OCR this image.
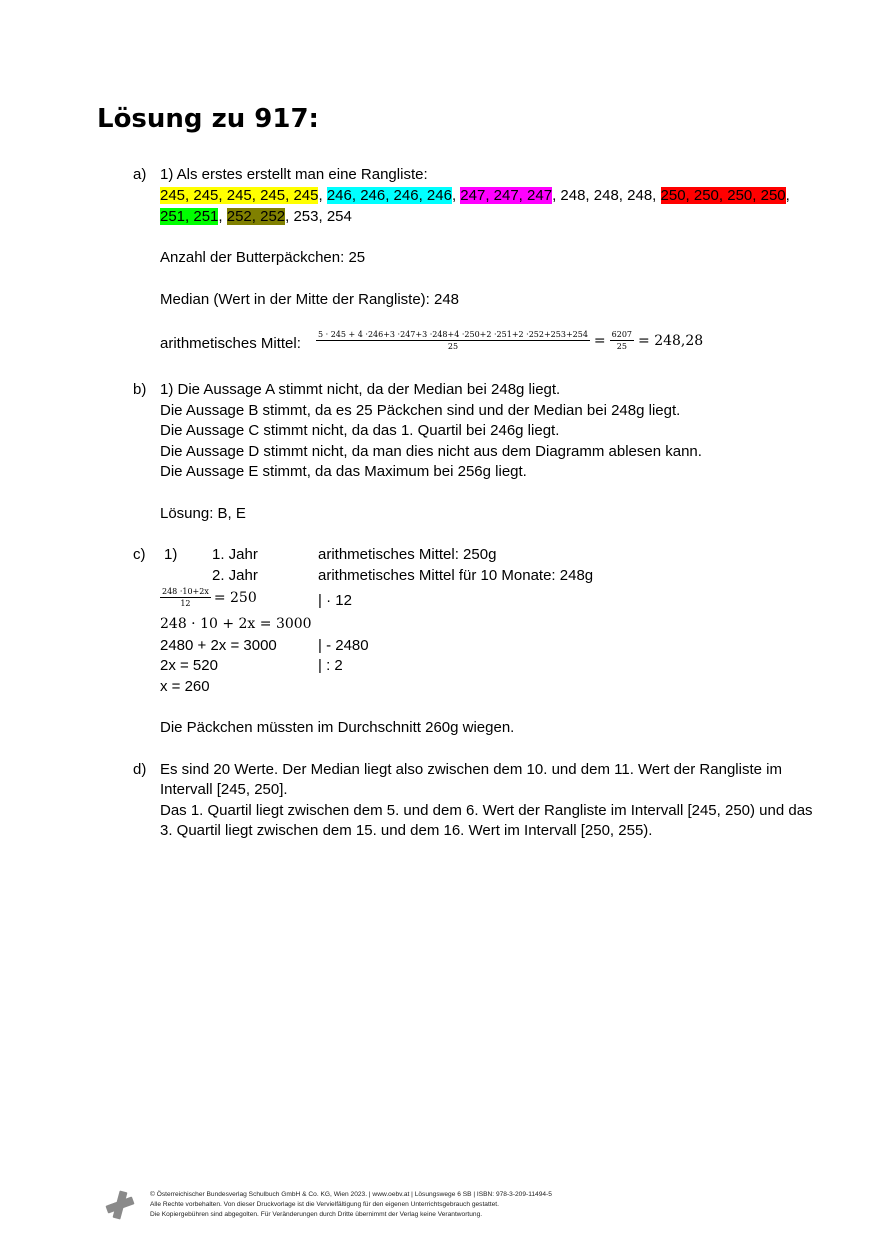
Lösung zu 917:
a) 1) Als erstes erstellt man eine Rangliste:
245, 245, 245, 245, 245, 246, 246, 246, 246, 247, 247, 247, 248, 248, 248, 250, 250, 250, 250,
251, 251, 252, 252, 253, 254
Anzahl der Butterpäckchen: 25
Median (Wert in der Mitte der Rangliste): 248
arithmetisches Mittel: $\frac{5 \cdot 245 + 4 \cdot 246+3 \cdot 247+3 \cdot 248+4 \cdot 250+2 \cdot 251+2 \cdot 252+253+254}{25} = \frac{6207}{25} = 248,28$
b) 1) Die Aussage A stimmt nicht, da der Median bei 248g liegt.
Die Aussage B stimmt, da es 25 Päckchen sind und der Median bei 248g liegt.
Die Aussage C stimmt nicht, da das 1. Quartil bei 246g liegt.
Die Aussage D stimmt nicht, da man dies nicht aus dem Diagramm ablesen kann.
Die Aussage E stimmt, da das Maximum bei 256g liegt.
Lösung: B, E
c) 1) 1. Jahr	arithmetisches Mittel: 250g
2. Jahr	arithmetisches Mittel für 10 Monate: 248g
$\frac{248 \cdot 10+2x}{12} = 250$	| · 12
248 · 10 + 2x = 3000
2480 + 2x = 3000	| - 2480
2x = 520	| : 2
x = 260
Die Päckchen müssten im Durchschnitt 260g wiegen.
d) Es sind 20 Werte. Der Median liegt also zwischen dem 10. und dem 11. Wert der Rangliste im
Intervall [245, 250].
Das 1. Quartil liegt zwischen dem 5. und dem 6. Wert der Rangliste im Intervall [245, 250) und das
3. Quartil liegt zwischen dem 15. und dem 16. Wert im Intervall [250, 255).
© Österreichischer Bundesverlag Schulbuch GmbH & Co. KG, Wien 2023. | www.oebv.at | Lösungswege 6 SB | ISBN: 978-3-209-11494-5
Alle Rechte vorbehalten. Von dieser Druckvorlage ist die Vervielfältigung für den eigenen Unterrichtsgebrauch gestattet.
Die Kopiergebühren sind abgegolten. Für Veränderungen durch Dritte übernimmt der Verlag keine Verantwortung.
